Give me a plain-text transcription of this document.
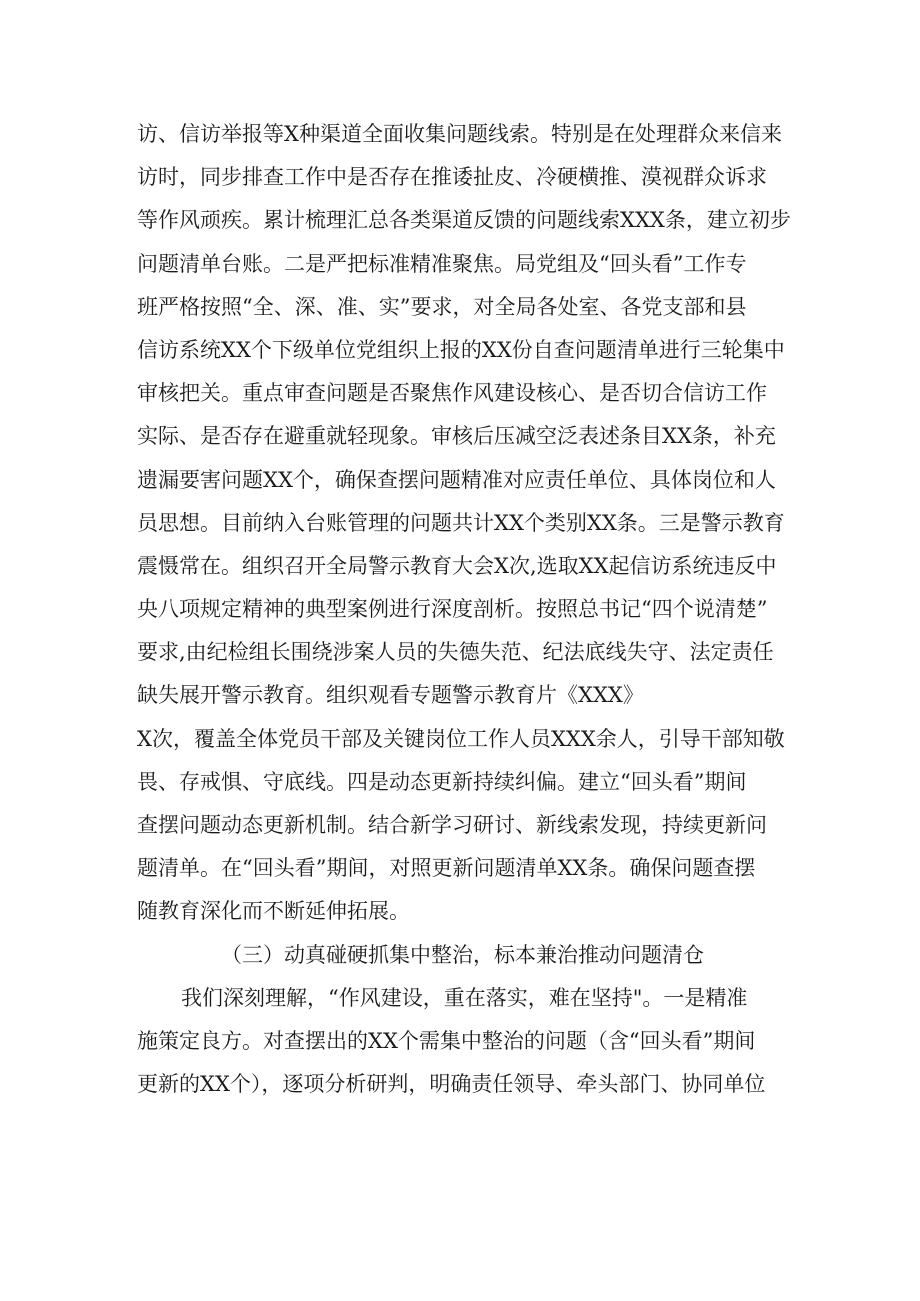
访、信访举报等X种渠道全面收集问题线索。特别是在处理群众来信来
访时，同步排查工作中是否存在推诿扯皮、冷硬横推、漠视群众诉求
等作风顽疾。累计梳理汇总各类渠道反馈的问题线索XXX条，建立初步
问题清单台账。二是严把标准精准聚焦。局党组及“回头看”工作专
班严格按照“全、深、准、实”要求，对全局各处室、各党支部和县
信访系统XX个下级单位党组织上报的XX份自查问题清单进行三轮集中
审核把关。重点审查问题是否聚焦作风建设核心、是否切合信访工作
实际、是否存在避重就轻现象。审核后压减空泛表述条目XX条，补充
遗漏要害问题XX个，确保查摆问题精准对应责任单位、具体岗位和人
员思想。目前纳入台账管理的问题共计XX个类别XX条。三是警示教育
震慑常在。组织召开全局警示教育大会X次,选取XX起信访系统违反中
央八项规定精神的典型案例进行深度剖析。按照总书记“四个说清楚”
要求,由纪检组长围绕涉案人员的失德失范、纪法底线失守、法定责任
缺失展开警示教育。组织观看专题警示教育片《XXX》
X次，覆盖全体党员干部及关键岗位工作人员XXX余人，引导干部知敬
畏、存戒惧、守底线。四是动态更新持续纠偏。建立“回头看”期间
查摆问题动态更新机制。结合新学习研讨、新线索发现，持续更新问
题清单。在“回头看”期间，对照更新问题清单XX条。确保问题查摆
随教育深化而不断延伸拓展。
（三）动真碰硬抓集中整治，标本兼治推动问题清仓
我们深刻理解，“作风建设，重在落实，难在坚持"。一是精准
施策定良方。对查摆出的XX个需集中整治的问题（含“回头看”期间
更新的XX个），逐项分析研判，明确责任领导、牵头部门、协同单位
